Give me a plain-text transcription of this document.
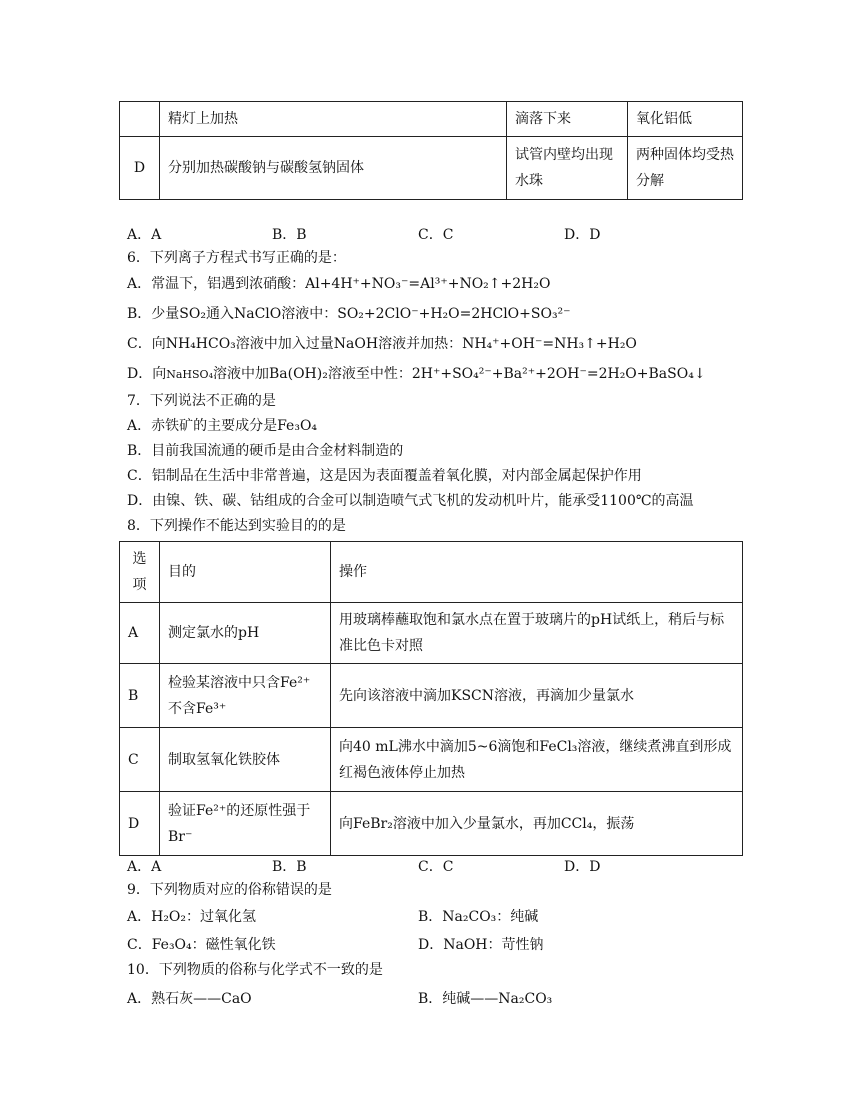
	精灯上加热	滴落下来	氧化铝低
D	分别加热碳酸钠与碳酸氢钠固体	试管内壁均出现水珠	两种固体均受热分解
A．A	B．B	C．C	D．D
6．下列离子方程式书写正确的是：
A．常温下，铝遇到浓硝酸：Al+4H⁺+NO₃⁻=Al³⁺+NO₂↑+2H₂O
B．少量SO₂通入NaClO溶液中：SO₂+2ClO⁻+H₂O=2HClO+SO₃²⁻
C．向NH₄HCO₃溶液中加入过量NaOH溶液并加热：NH₄⁺+OH⁻=NH₃↑+H₂O
D．向NaHSO₄溶液中加Ba(OH)₂溶液至中性：2H⁺+SO₄²⁻+Ba²⁺+2OH⁻=2H₂O+BaSO₄↓
7．下列说法不正确的是
A．赤铁矿的主要成分是Fe₃O₄
B．目前我国流通的硬币是由合金材料制造的
C．铝制品在生活中非常普遍，这是因为表面覆盖着氧化膜，对内部金属起保护作用
D．由镍、铁、碳、钴组成的合金可以制造喷气式飞机的发动机叶片，能承受1100℃的高温
8．下列操作不能达到实验目的的是
选项	目的	操作
A	测定氯水的pH	用玻璃棒蘸取饱和氯水点在置于玻璃片的pH试纸上，稍后与标准比色卡对照
B	检验某溶液中只含Fe²⁺不含Fe³⁺	先向该溶液中滴加KSCN溶液，再滴加少量氯水
C	制取氢氧化铁胶体	向40 mL沸水中滴加5~6滴饱和FeCl₃溶液，继续煮沸直到形成红褐色液体停止加热
D	验证Fe²⁺的还原性强于Br⁻	向FeBr₂溶液中加入少量氯水，再加CCl₄，振荡
A．A	B．B	C．C	D．D
9．下列物质对应的俗称错误的是
A．H₂O₂：过氧化氢	B．Na₂CO₃：纯碱
C．Fe₃O₄：磁性氧化铁	D．NaOH：苛性钠
10．下列物质的俗称与化学式不一致的是
A．熟石灰——CaO	B．纯碱——Na₂CO₃
